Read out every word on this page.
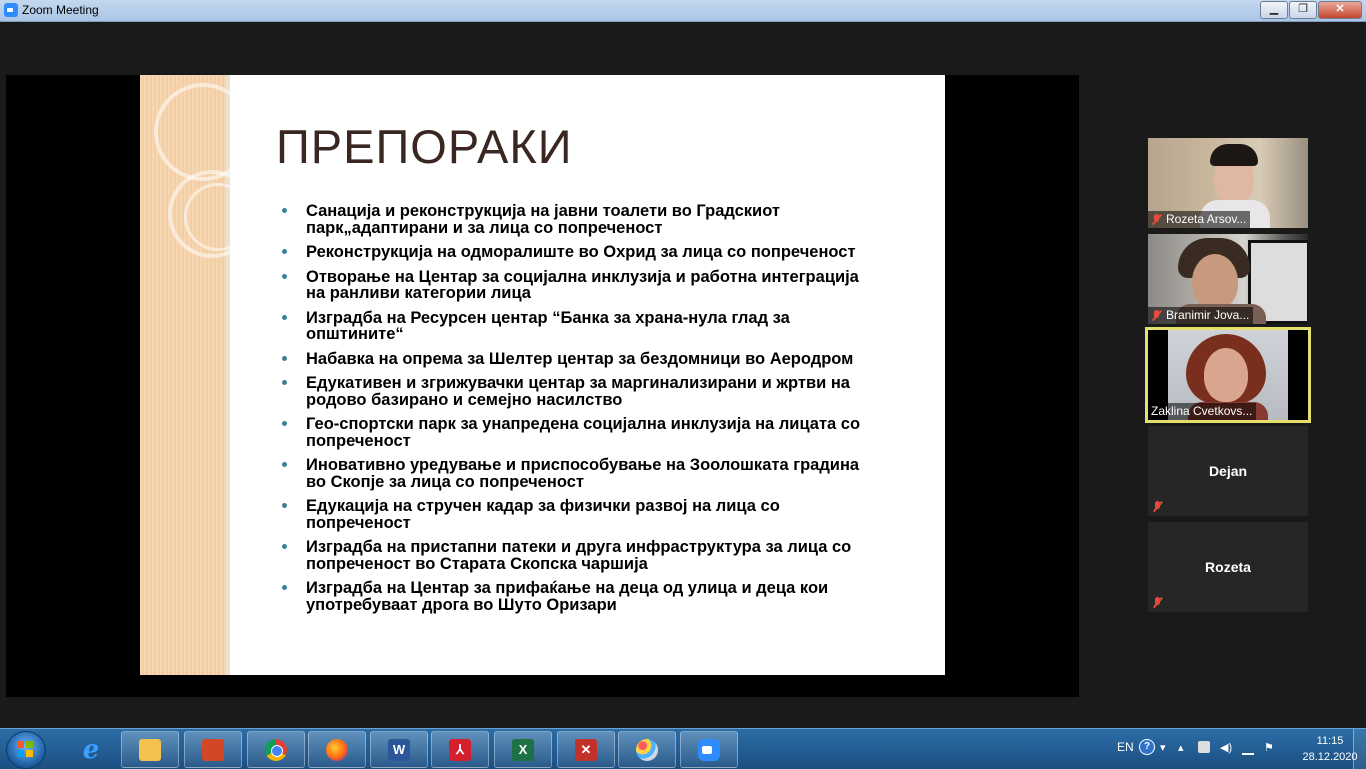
Zoom Meeting	▁	❐	✕
ПРЕПОРАКИ
Санација и реконструкција на јавни тоалети во Градскиот
парк„адаптирани и за лица со попреченост
Реконструкција на одморалиште во Охрид за лица со попреченост
Отворање на Центар за социјална инклузија и работна интеграција
на ранливи категории лица
Изградба на Ресурсен центар “Банка за храна-нула глад за
општините“
Набавка на опрема за Шелтер центар за бездомници во Аеродром
Едукативен и згрижувачки центар за маргинализирани и жртви на
родово базирано и семејно насилство
Гео-спортски парк за унапредена социјална инклузија на лицата со
попреченост
Иновативно уредување и приспособување на Зоолошката градина
во Скопје за лица со попреченост
Едукација на стручен кадар за физички развој на лица со
попреченост
Изградба на пристапни патеки и друга инфраструктура за лица со
попреченост во Старата Скопска чаршија
Изградба на Центар за прифаќање на деца од улица и деца кои
употребуваат дрога во Шуто Оризари
Rozeta Arsov...
Branimir Jova...
Zaklina Cvetkovs...
Dejan
Rozeta
e	W	⅄	X	✕	EN	? ▾	▴	◀)	⚑
11:15
28.12.2020
